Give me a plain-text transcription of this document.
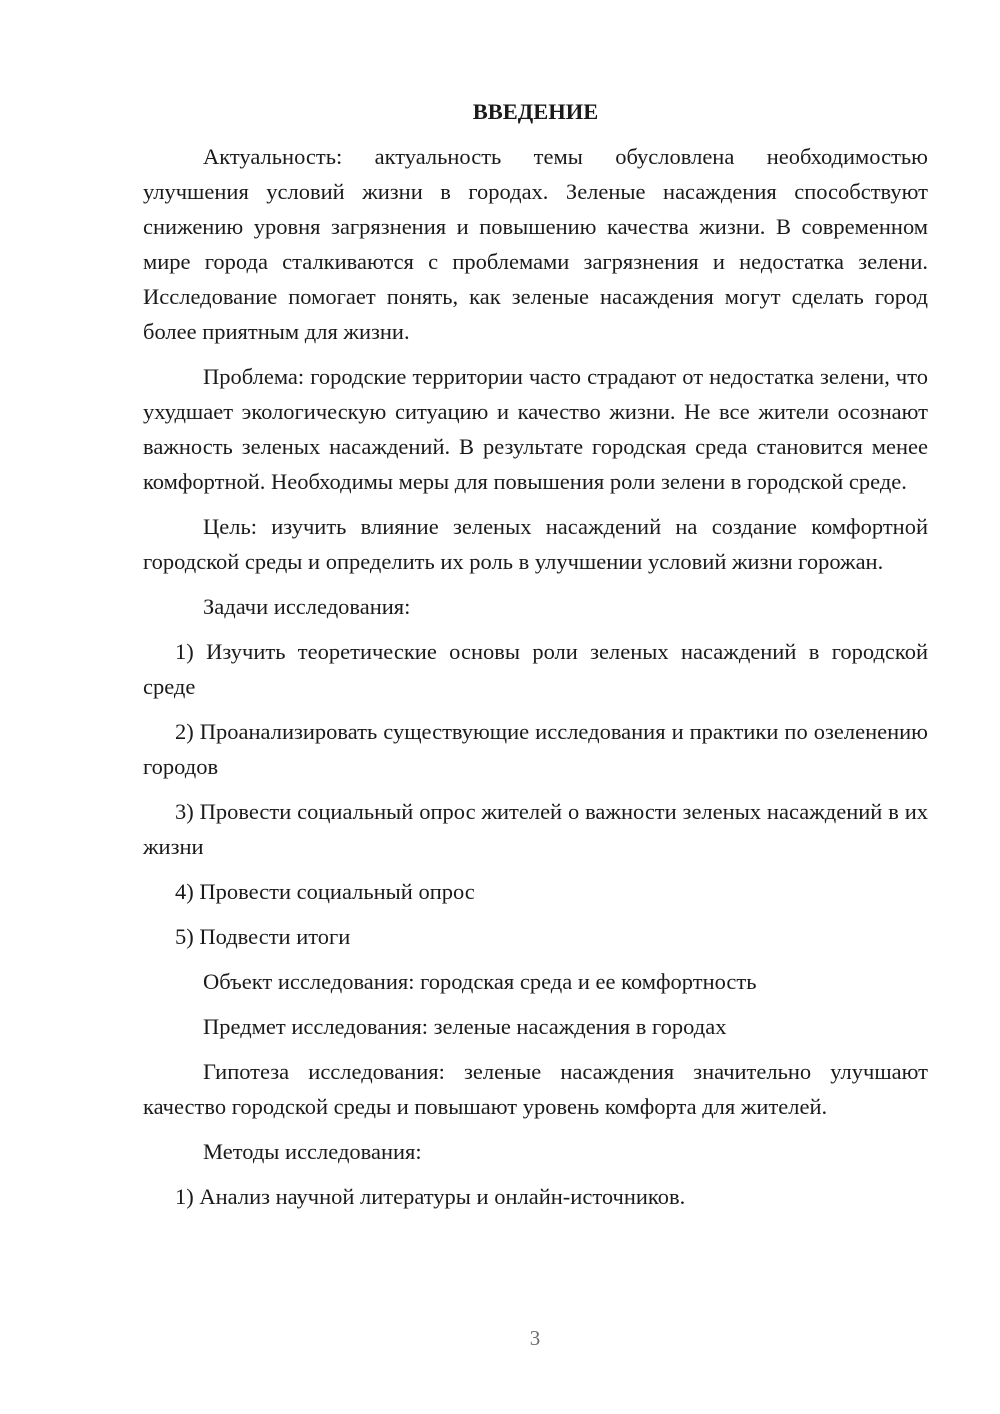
ВВЕДЕНИЕ

Актуальность: актуальность темы обусловлена необходимостью улучшения условий жизни в городах. Зеленые насаждения способствуют снижению уровня загрязнения и повышению качества жизни. В современном мире города сталкиваются с проблемами загрязнения и недостатка зелени. Исследование помогает понять, как зеленые насаждения могут сделать город более приятным для жизни.

Проблема: городские территории часто страдают от недостатка зелени, что ухудшает экологическую ситуацию и качество жизни. Не все жители осознают важность зеленых насаждений. В результате городская среда становится менее комфортной. Необходимы меры для повышения роли зелени в городской среде.

Цель: изучить влияние зеленых насаждений на создание комфортной городской среды и определить их роль в улучшении условий жизни горожан.

Задачи исследования:

1) Изучить теоретические основы роли зеленых насаждений в городской среде

2) Проанализировать существующие исследования и практики по озеленению городов

3) Провести социальный опрос жителей о важности зеленых насаждений в их жизни

4) Провести социальный опрос

5) Подвести итоги

Объект исследования: городская среда и ее комфортность

Предмет исследования: зеленые насаждения в городах

Гипотеза исследования: зеленые насаждения значительно улучшают качество городской среды и повышают уровень комфорта для жителей.

Методы исследования:

1) Анализ научной литературы и онлайн-источников.

3
